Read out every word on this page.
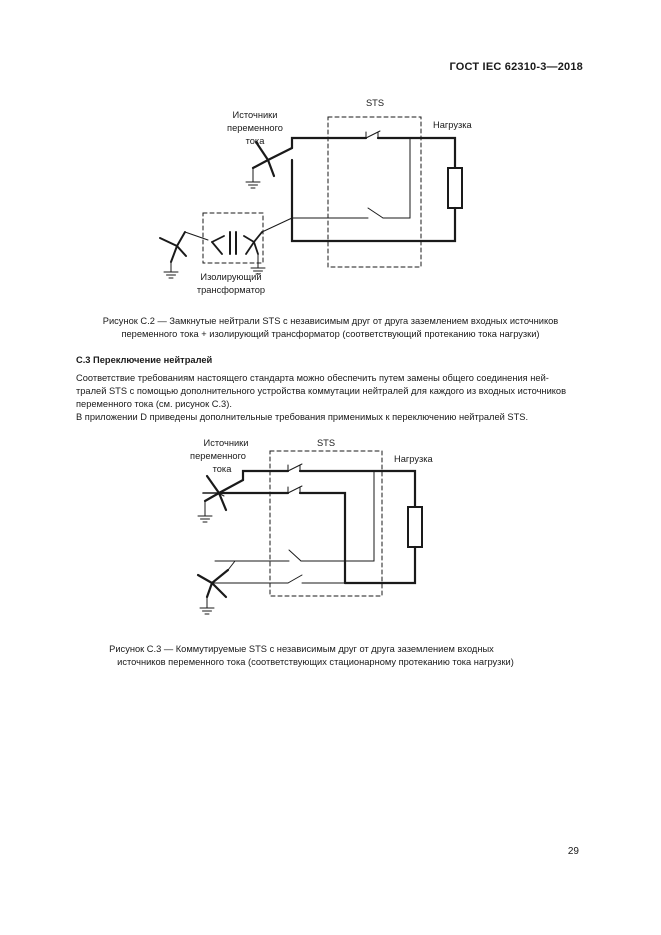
ГОСТ IEC 62310-3—2018
Источники
переменного
тока
STS
Нагрузка
Изолирующий
трансформатор
Рисунок С.2 — Замкнутые нейтрали STS с независимым друг от друга заземлением входных источников
переменного тока + изолирующий трансформатор (соответствующий протеканию тока нагрузки)
С.3 Переключение нейтралей
Соответствие требованиям настоящего стандарта можно обеспечить путем замены общего соединения ней-
тралей STS с помощью дополнительного устройства коммутации нейтралей для каждого из входных источников
переменного тока (см. рисунок С.3).
В приложении D приведены дополнительные требования применимых к переключению нейтралей STS.
Источники
переменного
тока
STS
Нагрузка
Рисунок С.3 — Коммутируемые STS с независимым друг от друга заземлением входных
источников переменного тока (соответствующих стационарному протеканию тока нагрузки)
29
